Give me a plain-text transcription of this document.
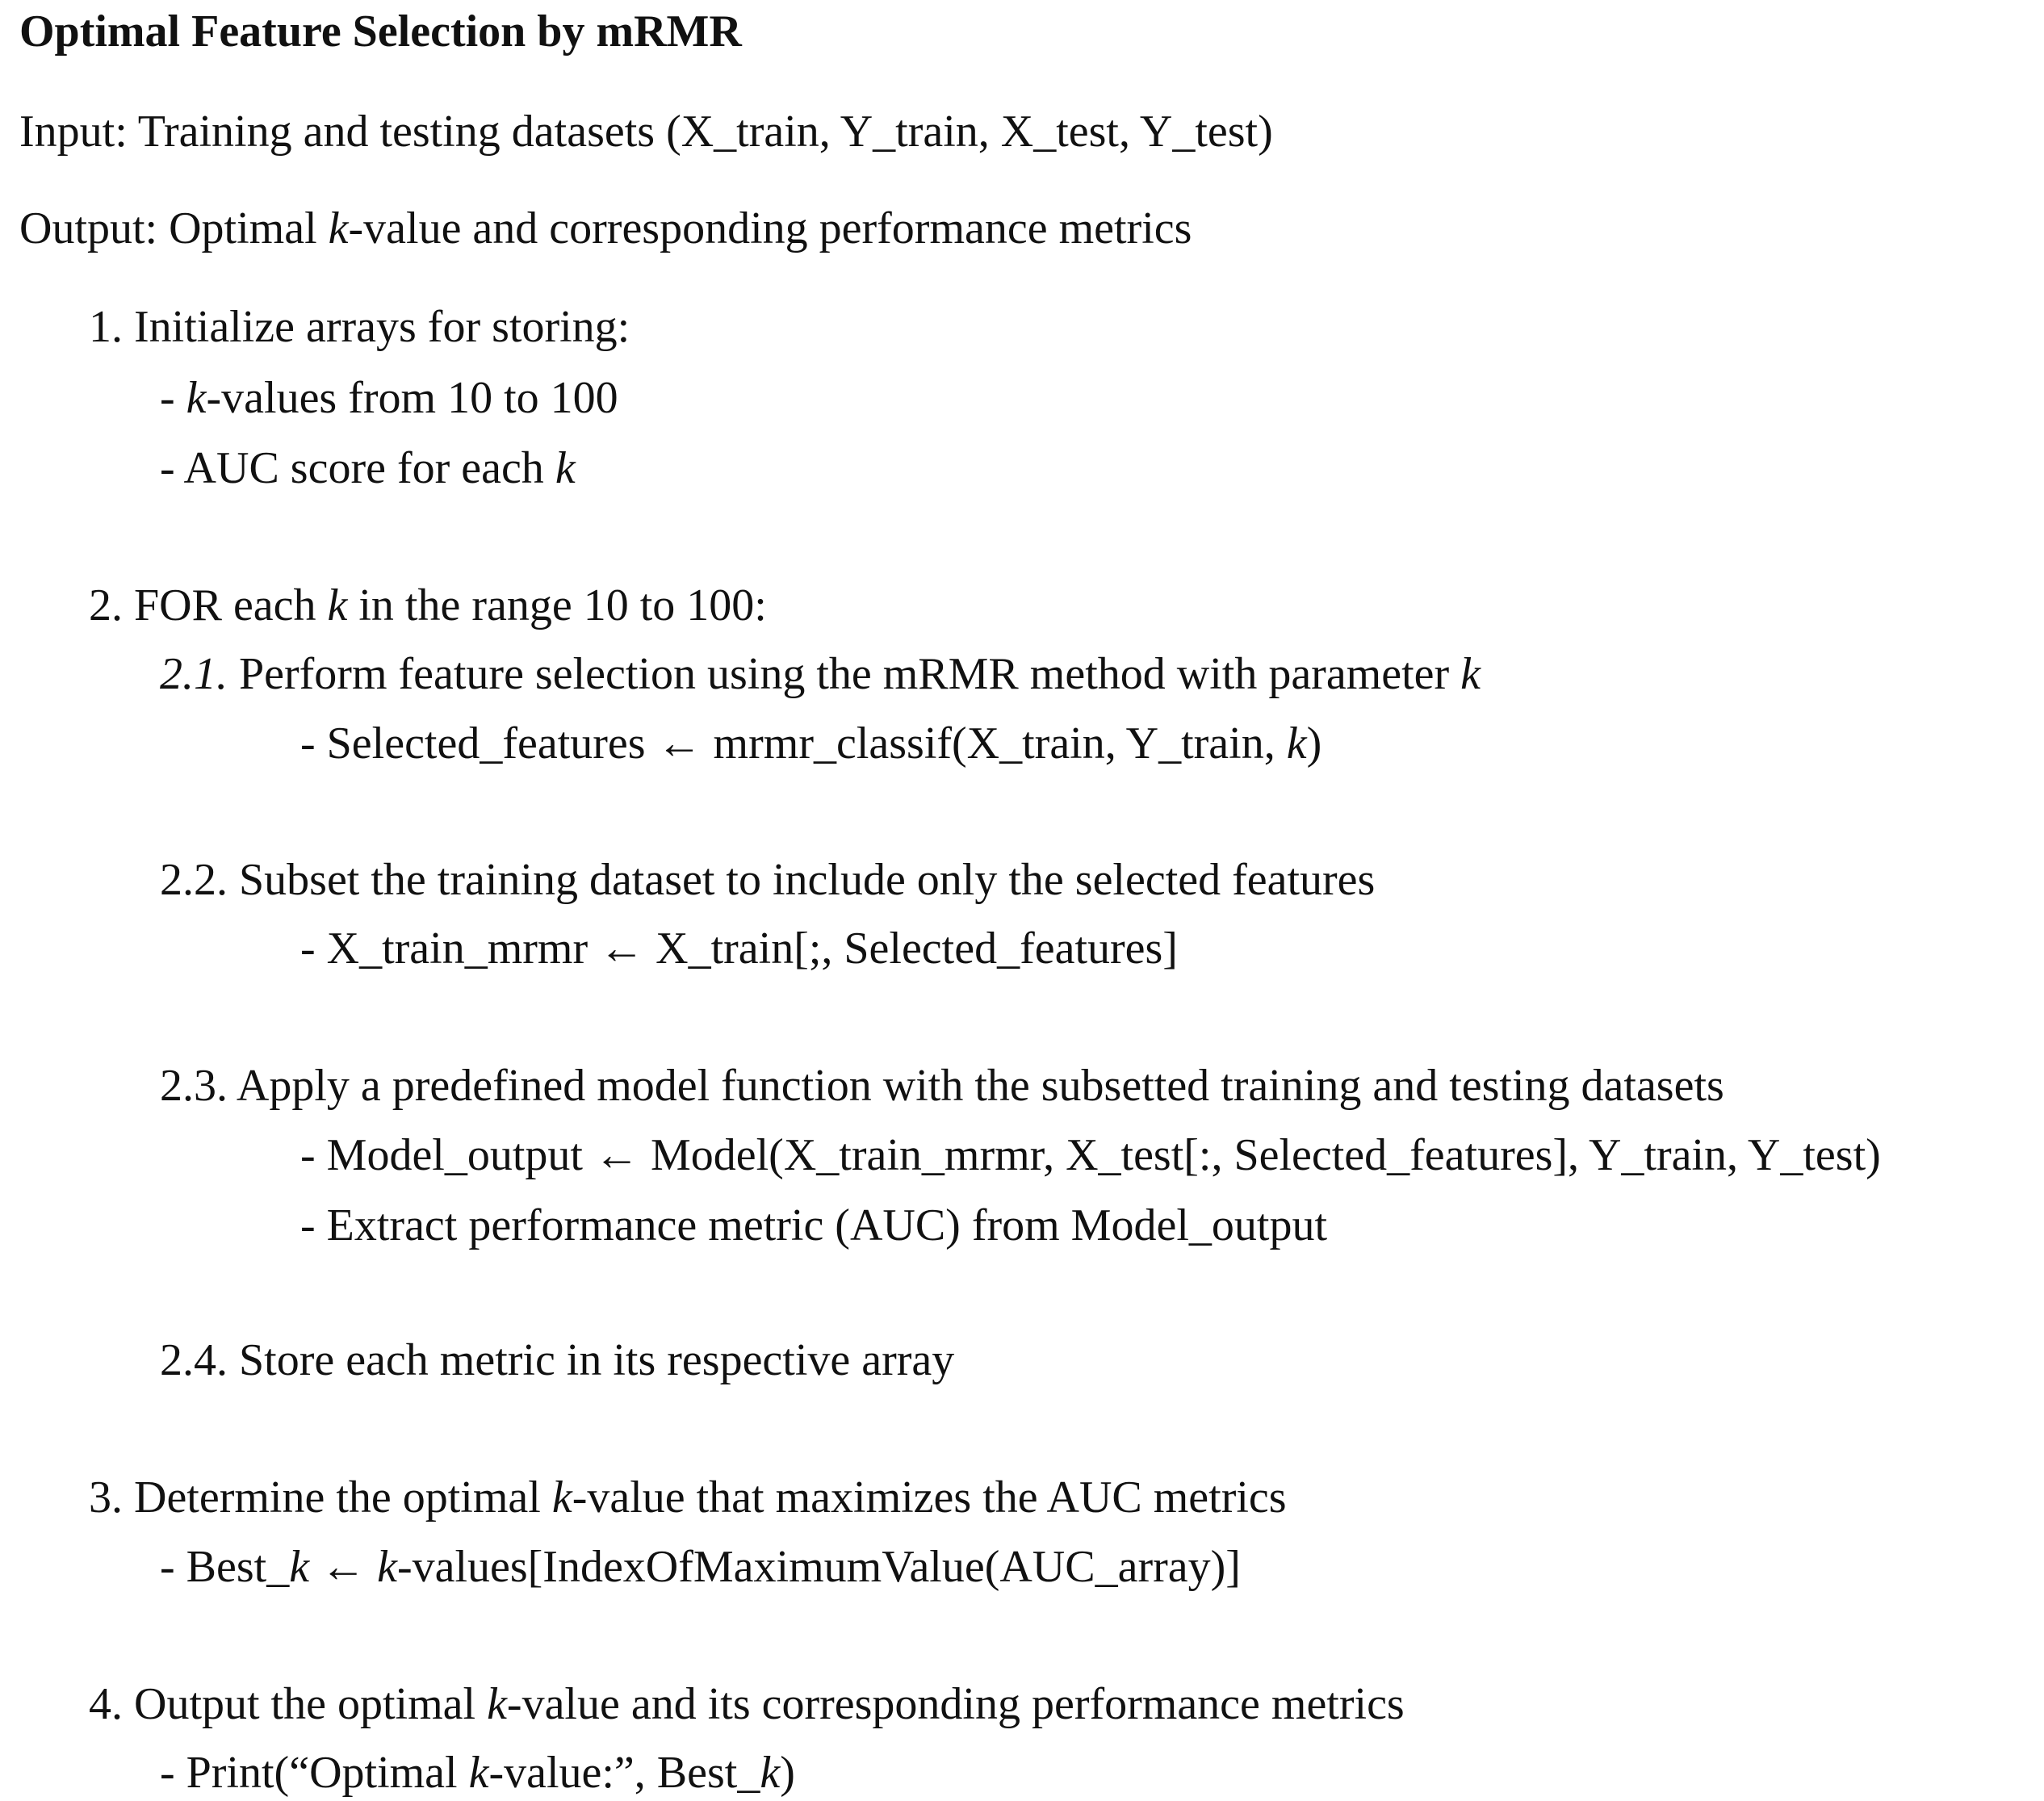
Optimal Feature Selection by mRMR
Input: Training and testing datasets (X_train, Y_train, X_test, Y_test)
Output: Optimal k-value and corresponding performance metrics
1. Initialize arrays for storing:
- k-values from 10 to 100
- AUC score for each k
2. FOR each k in the range 10 to 100:
2.1. Perform feature selection using the mRMR method with parameter k
- Selected_features ← mrmr_classif(X_train, Y_train, k)
2.2. Subset the training dataset to include only the selected features
- X_train_mrmr ← X_train[;, Selected_features]
2.3. Apply a predefined model function with the subsetted training and testing datasets
- Model_output ← Model(X_train_mrmr, X_test[:, Selected_features], Y_train, Y_test)
- Extract performance metric (AUC) from Model_output
2.4. Store each metric in its respective array
3. Determine the optimal k-value that maximizes the AUC metrics
- Best_k ← k-values[IndexOfMaximumValue(AUC_array)]
4. Output the optimal k-value and its corresponding performance metrics
- Print(“Optimal k-value:”, Best_k)
